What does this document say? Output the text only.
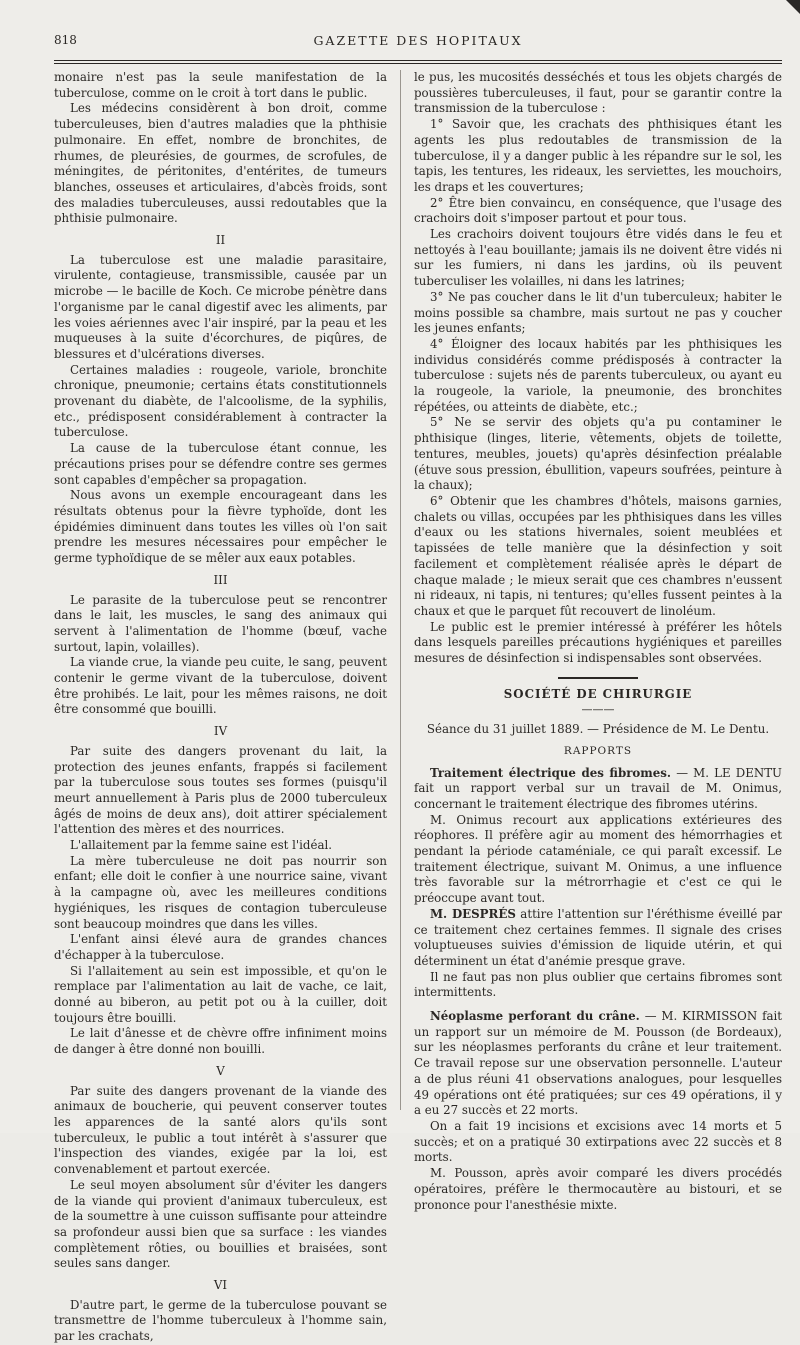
818	GAZETTE DES HOPITAUX

monaire n'est pas la seule manifestation de la tuberculose, comme on le croit à tort dans le public.

Les médecins considèrent à bon droit, comme tuberculeuses, bien d'autres maladies que la phthisie pulmonaire. En effet, nombre de bronchites, de rhumes, de pleurésies, de gourmes, de scrofules, de méningites, de péritonites, d'entérites, de tumeurs blanches, osseuses et articulaires, d'abcès froids, sont des maladies tuberculeuses, aussi redoutables que la phthisie pulmonaire.

II

La tuberculose est une maladie parasitaire, virulente, contagieuse, transmissible, causée par un microbe — le bacille de Koch. Ce microbe pénètre dans l'organisme par le canal digestif avec les aliments, par les voies aériennes avec l'air inspiré, par la peau et les muqueuses à la suite d'écorchures, de piqûres, de blessures et d'ulcérations diverses.

Certaines maladies : rougeole, variole, bronchite chronique, pneumonie; certains états constitutionnels provenant du diabète, de l'alcoolisme, de la syphilis, etc., prédisposent considérablement à contracter la tuberculose.

La cause de la tuberculose étant connue, les précautions prises pour se défendre contre ses germes sont capables d'empêcher sa propagation.

Nous avons un exemple encourageant dans les résultats obtenus pour la fièvre typhoïde, dont les épidémies diminuent dans toutes les villes où l'on sait prendre les mesures nécessaires pour empêcher le germe typhoïdique de se mêler aux eaux potables.

III

Le parasite de la tuberculose peut se rencontrer dans le lait, les muscles, le sang des animaux qui servent à l'alimentation de l'homme (bœuf, vache surtout, lapin, volailles).

La viande crue, la viande peu cuite, le sang, peuvent contenir le germe vivant de la tuberculose, doivent être prohibés. Le lait, pour les mêmes raisons, ne doit être consommé que bouilli.

IV

Par suite des dangers provenant du lait, la protection des jeunes enfants, frappés si facilement par la tuberculose sous toutes ses formes (puisqu'il meurt annuellement à Paris plus de 2000 tuberculeux âgés de moins de deux ans), doit attirer spécialement l'attention des mères et des nourrices.

L'allaitement par la femme saine est l'idéal.

La mère tuberculeuse ne doit pas nourrir son enfant; elle doit le confier à une nourrice saine, vivant à la campagne où, avec les meilleures conditions hygiéniques, les risques de contagion tuberculeuse sont beaucoup moindres que dans les villes.

L'enfant ainsi élevé aura de grandes chances d'échapper à la tuberculose.

Si l'allaitement au sein est impossible, et qu'on le remplace par l'alimentation au lait de vache, ce lait, donné au biberon, au petit pot ou à la cuiller, doit toujours être bouilli.

Le lait d'ânesse et de chèvre offre infiniment moins de danger à être donné non bouilli.

V

Par suite des dangers provenant de la viande des animaux de boucherie, qui peuvent conserver toutes les apparences de la santé alors qu'ils sont tuberculeux, le public a tout intérêt à s'assurer que l'inspection des viandes, exigée par la loi, est convenablement et partout exercée.

Le seul moyen absolument sûr d'éviter les dangers de la viande qui provient d'animaux tuberculeux, est de la soumettre à une cuisson suffisante pour atteindre sa profondeur aussi bien que sa surface : les viandes complètement rôties, ou bouillies et braisées, sont seules sans danger.

VI

D'autre part, le germe de la tuberculose pouvant se transmettre de l'homme tuberculeux à l'homme sain, par les crachats,

le pus, les mucosités desséchés et tous les objets chargés de poussières tuberculeuses, il faut, pour se garantir contre la transmission de la tuberculose :

1° Savoir que, les crachats des phthisiques étant les agents les plus redoutables de transmission de la tuberculose, il y a danger public à les répandre sur le sol, les tapis, les tentures, les rideaux, les serviettes, les mouchoirs, les draps et les couvertures;

2° Être bien convaincu, en conséquence, que l'usage des crachoirs doit s'imposer partout et pour tous.

Les crachoirs doivent toujours être vidés dans le feu et nettoyés à l'eau bouillante; jamais ils ne doivent être vidés ni sur les fumiers, ni dans les jardins, où ils peuvent tuberculiser les volailles, ni dans les latrines;

3° Ne pas coucher dans le lit d'un tuberculeux; habiter le moins possible sa chambre, mais surtout ne pas y coucher les jeunes enfants;

4° Éloigner des locaux habités par les phthisiques les individus considérés comme prédisposés à contracter la tuberculose : sujets nés de parents tuberculeux, ou ayant eu la rougeole, la variole, la pneumonie, des bronchites répétées, ou atteints de diabète, etc.;

5° Ne se servir des objets qu'a pu contaminer le phthisique (linges, literie, vêtements, objets de toilette, tentures, meubles, jouets) qu'après désinfection préalable (étuve sous pression, ébullition, vapeurs soufrées, peinture à la chaux);

6° Obtenir que les chambres d'hôtels, maisons garnies, chalets ou villas, occupées par les phthisiques dans les villes d'eaux ou les stations hivernales, soient meublées et tapissées de telle manière que la désinfection y soit facilement et complètement réalisée après le départ de chaque malade ; le mieux serait que ces chambres n'eussent ni rideaux, ni tapis, ni tentures; qu'elles fussent peintes à la chaux et que le parquet fût recouvert de linoléum.

Le public est le premier intéressé à préférer les hôtels dans lesquels pareilles précautions hygiéniques et pareilles mesures de désinfection si indispensables sont observées.

SOCIÉTÉ DE CHIRURGIE
———

Séance du 31 juillet 1889. — Présidence de M. Le Dentu.

RAPPORTS

Traitement électrique des fibromes. — M. LE DENTU fait un rapport verbal sur un travail de M. Onimus, concernant le traitement électrique des fibromes utérins.

M. Onimus recourt aux applications extérieures des réophores. Il préfère agir au moment des hémorrhagies et pendant la période cataméniale, ce qui paraît excessif. Le traitement électrique, suivant M. Onimus, a une influence très favorable sur la métrorrhagie et c'est ce qui le préoccupe avant tout.

M. DESPRÉS attire l'attention sur l'éréthisme éveillé par ce traitement chez certaines femmes. Il signale des crises voluptueuses suivies d'émission de liquide utérin, et qui déterminent un état d'anémie presque grave.

Il ne faut pas non plus oublier que certains fibromes sont intermittents.

Néoplasme perforant du crâne. — M. KIRMISSON fait un rapport sur un mémoire de M. Pousson (de Bordeaux), sur les néoplasmes perforants du crâne et leur traitement. Ce travail repose sur une observation personnelle. L'auteur a de plus réuni 41 observations analogues, pour lesquelles 49 opérations ont été pratiquées; sur ces 49 opérations, il y a eu 27 succès et 22 morts.

On a fait 19 incisions et excisions avec 14 morts et 5 succès; et on a pratiqué 30 extirpations avec 22 succès et 8 morts.

M. Pousson, après avoir comparé les divers procédés opératoires, préfère le thermocautère au bistouri, et se prononce pour l'anesthésie mixte.
